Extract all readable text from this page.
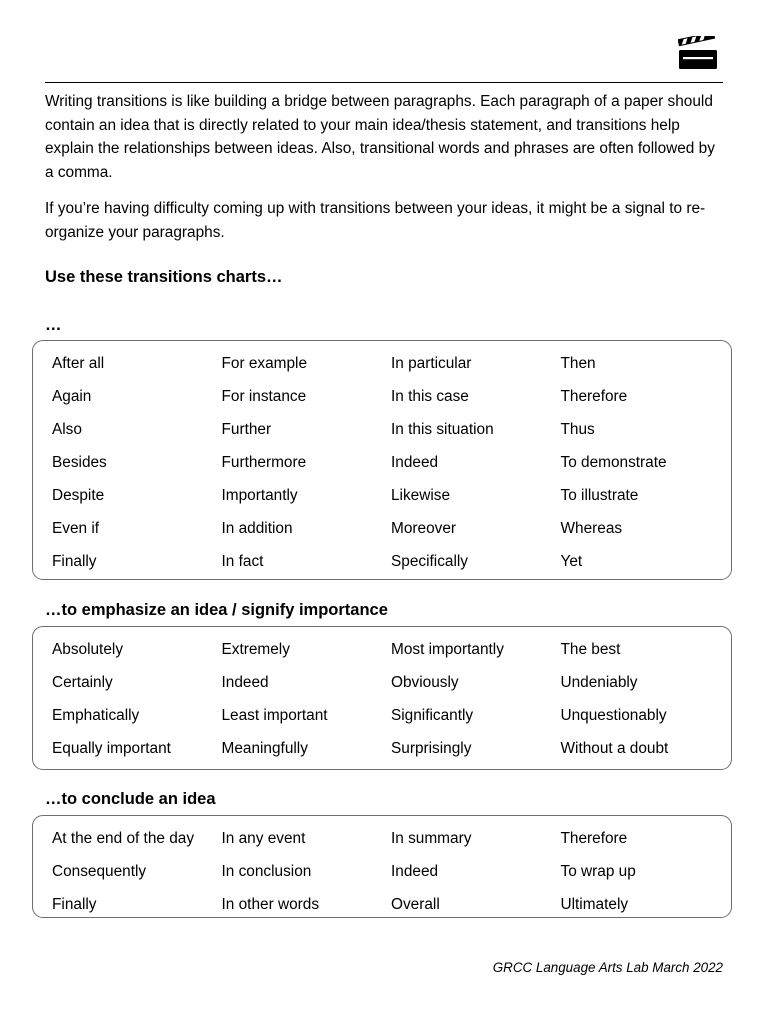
Writing transitions is like building a bridge between paragraphs. Each paragraph of a paper should contain an idea that is directly related to your main idea/thesis statement, and transitions help explain the relationships between ideas. Also, transitional words and phrases are often followed by a comma.

If you’re having difficulty coming up with transitions between your ideas, it might be a signal to re-organize your paragraphs.

Use these transitions charts…
…
After all	For example	In particular	Then
Again	For instance	In this case	Therefore
Also	Further	In this situation	Thus
Besides	Furthermore	Indeed	To demonstrate
Despite	Importantly	Likewise	To illustrate
Even if	In addition	Moreover	Whereas
Finally	In fact	Specifically	Yet
…to emphasize an idea / signify importance
Absolutely	Extremely	Most importantly	The best
Certainly	Indeed	Obviously	Undeniably
Emphatically	Least important	Significantly	Unquestionably
Equally important	Meaningfully	Surprisingly	Without a doubt
…to conclude an idea
At the end of the day	In any event	In summary	Therefore
Consequently	In conclusion	Indeed	To wrap up
Finally	In other words	Overall	Ultimately
GRCC Language Arts Lab March 2022
